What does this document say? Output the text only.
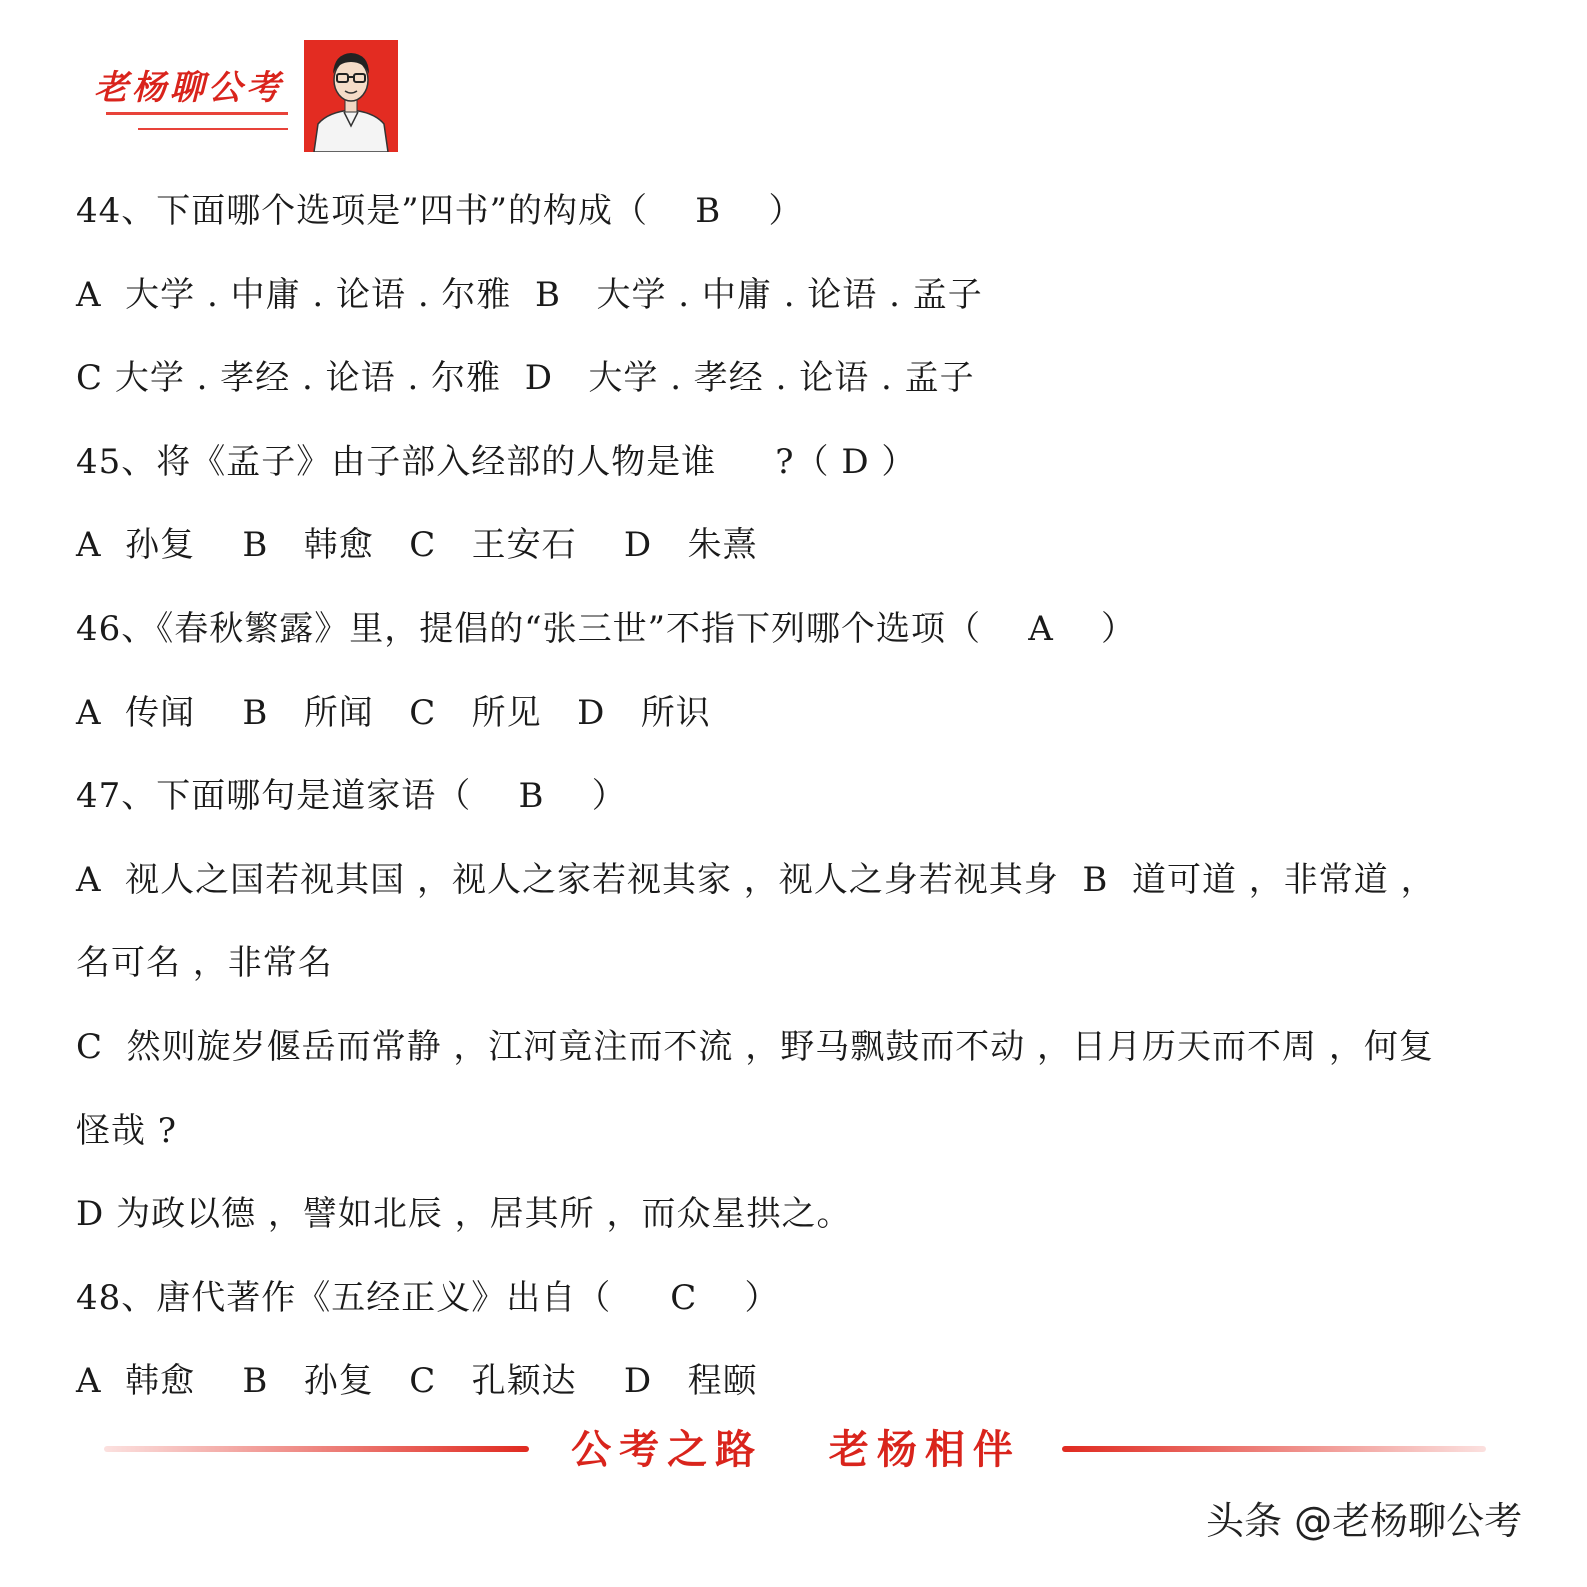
老杨聊公考
44、下面哪个选项是”四书”的构成（    B    ）
A  大学 . 中庸 . 论语 . 尔雅  B   大学 . 中庸 . 论语 . 孟子
C 大学 . 孝经 . 论语 . 尔雅  D   大学 . 孝经 . 论语 . 孟子
45、将《孟子》由子部入经部的人物是谁     ?（ D ）
A  孙复    B   韩愈   C   王安石    D   朱熹
46、《春秋繁露》里，提倡的“张三世”不指下列哪个选项（    A    ）
A  传闻    B   所闻   C   所见   D   所识
47、下面哪句是道家语（    B    ）
A  视人之国若视其国 ，视人之家若视其家 ，视人之身若视其身  B  道可道 ，非常道 ，
名可名 ，非常名
C  然则旋岁偃岳而常静 ，江河竟注而不流 ，野马飘鼓而不动 ，日月历天而不周 ，何复
怪哉 ?
D 为政以德 ，譬如北辰 ，居其所 ，而众星拱之。
48、唐代著作《五经正义》出自（     C    ）
A  韩愈    B   孙复   C   孔颖达    D   程颐
公考之路   老杨相伴
头条 @老杨聊公考
